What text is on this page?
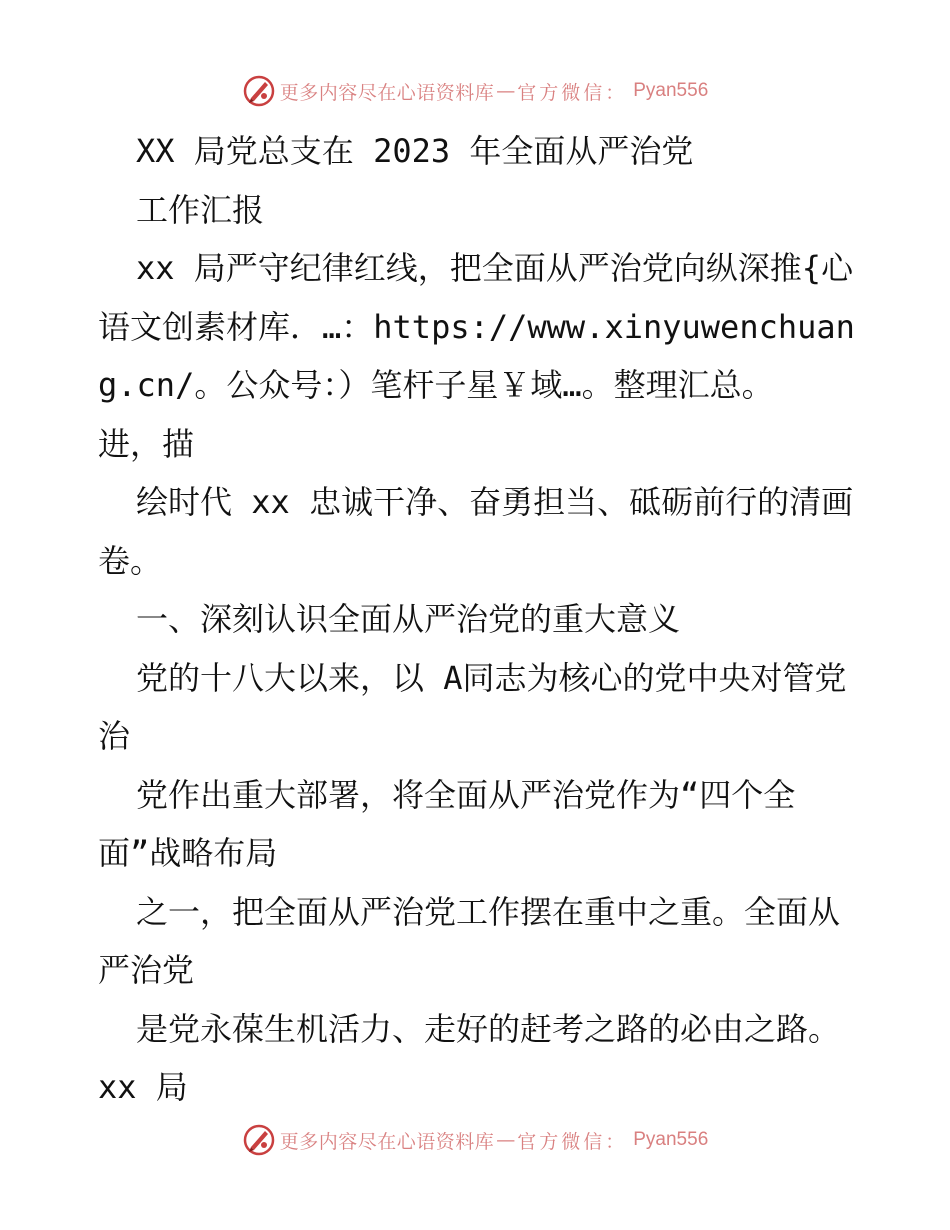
更多内容尽在心语资料库 — 官方微信： Pyan556

XX 局党总支在 2023 年全面从严治党

工作汇报

xx 局严守纪律红线，把全面从严治党向纵深推{心语文创素材库．…：https://www.xinyuwenchuang.cn/。公众号：）笔杆子星￥域…。整理汇总。

进，描

绘时代 xx 忠诚干净、奋勇担当、砥砺前行的清画卷。

一、深刻认识全面从严治党的重大意义

党的十八大以来，以 A同志为核心的党中央对管党治

党作出重大部署，将全面从严治党作为“四个全面”战略布局

之一，把全面从严治党工作摆在重中之重。全面从严治党

是党永葆生机活力、走好的赶考之路的必由之路。xx 局

更多内容尽在心语资料库 — 官方微信： Pyan556
